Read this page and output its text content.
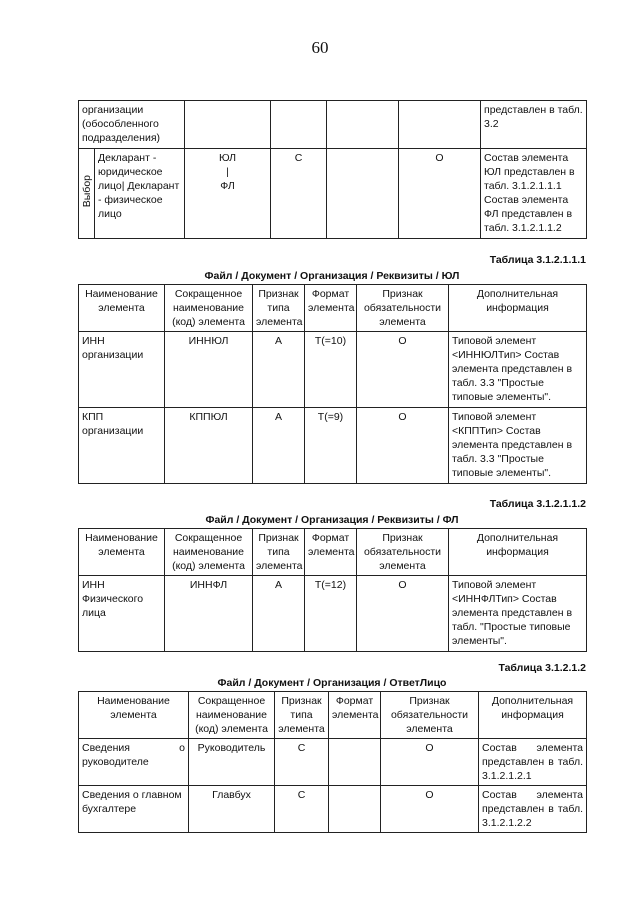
60
организации (обособленного подразделения)						представлен в табл. 3.2
Выбор	Декларант - юридическое лицо| Декларант - физическое лицо	ЮЛ
|
ФЛ	С		О	Состав элемента ЮЛ представлен в табл. 3.1.2.1.1.1 Состав элемента ФЛ представлен в табл. 3.1.2.1.1.2
Таблица 3.1.2.1.1.1
Файл / Документ / Организация / Реквизиты / ЮЛ
Наименование элемента	Сокращенное наименование (код) элемента	Признак типа элемента	Формат элемента	Признак обязательности элемента	Дополнительная информация
ИНН организации	ИННЮЛ	А	Т(=10)	О	Типовой элемент <ИННЮЛТип> Состав элемента представлен в табл. 3.3 "Простые типовые элементы".
КПП организации	КППЮЛ	А	Т(=9)	О	Типовой элемент <КППТип> Состав элемента представлен в табл. 3.3 "Простые типовые элементы".
Таблица 3.1.2.1.1.2
Файл / Документ / Организация / Реквизиты / ФЛ
Наименование элемента	Сокращенное наименование (код) элемента	Признак типа элемента	Формат элемента	Признак обязательности элемента	Дополнительная информация
ИНН Физического лица	ИННФЛ	А	Т(=12)	О	Типовой элемент <ИННФЛТип> Состав элемента представлен в табл. "Простые типовые элементы".
Таблица 3.1.2.1.2
Файл / Документ / Организация / ОтветЛицо
Наименование элемента	Сокращенное наименование (код) элемента	Признак типа элемента	Формат элемента	Признак обязательности элемента	Дополнительная информация
Сведения о руководителе	Руководитель	С		О	Состав элемента представлен в табл. 3.1.2.1.2.1
Сведения о главном бухгалтере	Главбух	С		О	Состав элемента представлен в табл. 3.1.2.1.2.2
